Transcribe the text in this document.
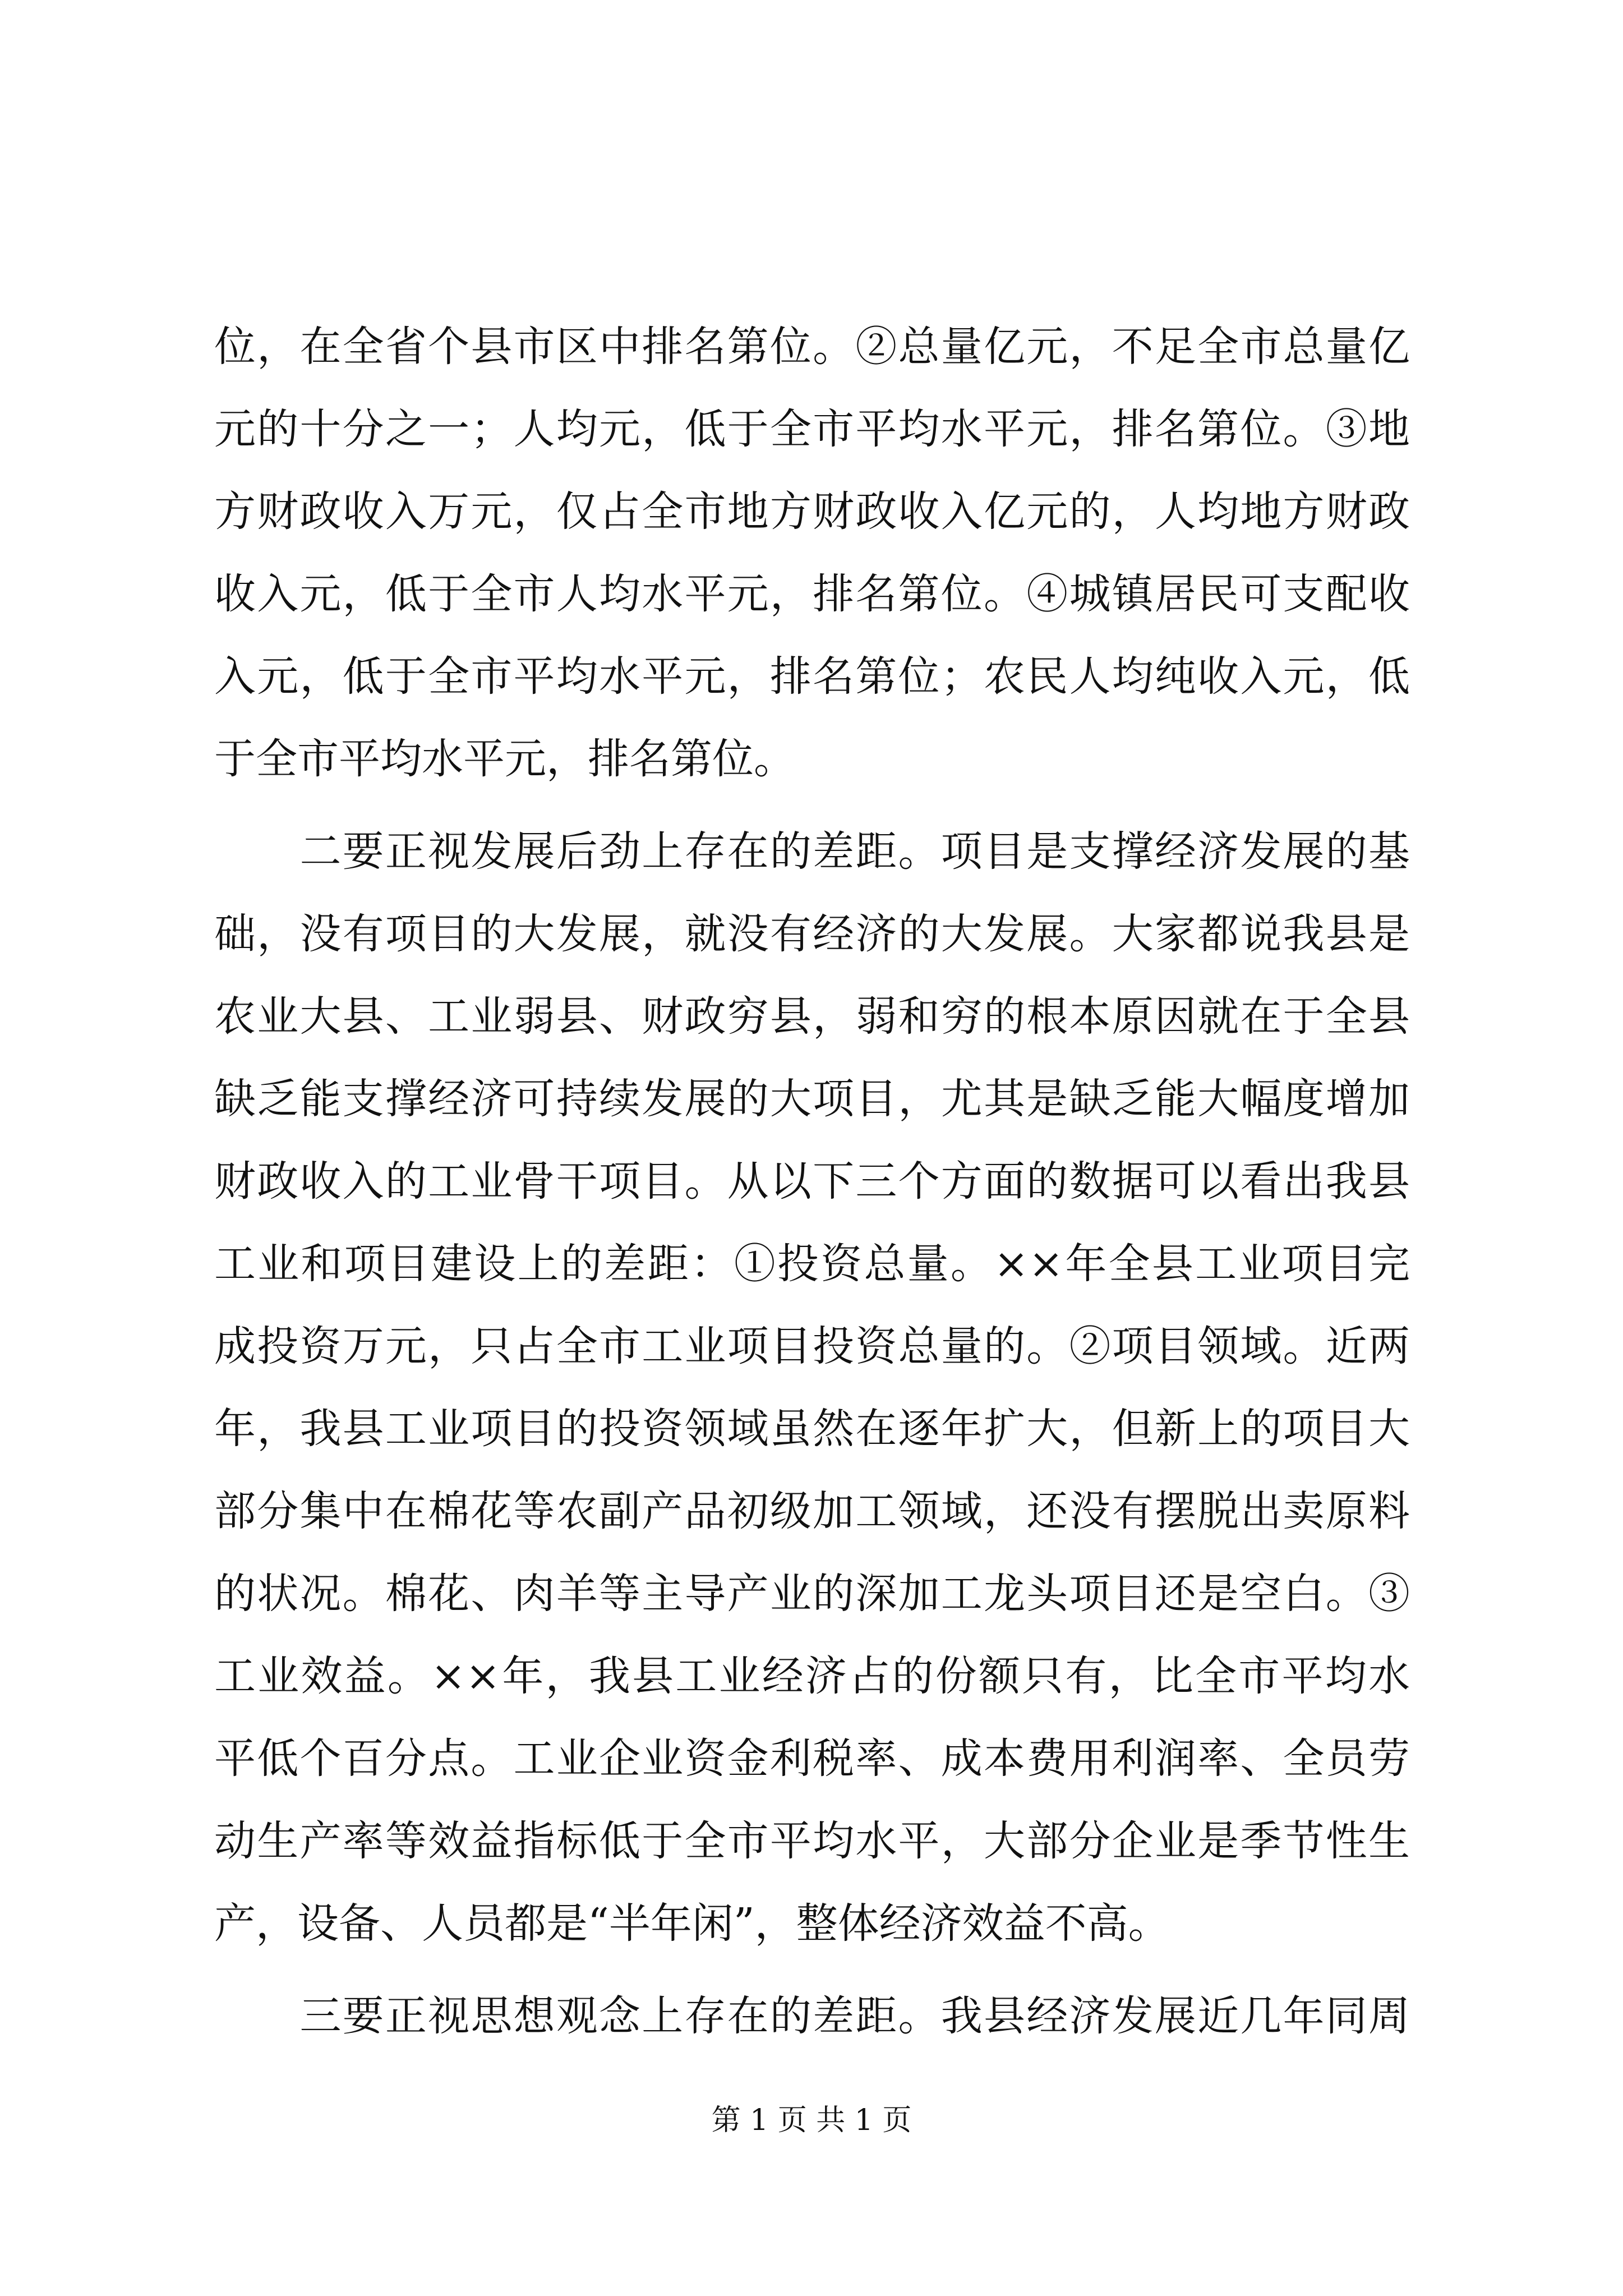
位，在全省个县市区中排名第位。②总量亿元，不足全市总量亿
元的十分之一；人均元，低于全市平均水平元，排名第位。③地
方财政收入万元，仅占全市地方财政收入亿元的，人均地方财政
收入元，低于全市人均水平元，排名第位。④城镇居民可支配收
入元，低于全市平均水平元，排名第位；农民人均纯收入元，低
于全市平均水平元，排名第位。
　　二要正视发展后劲上存在的差距。项目是支撑经济发展的基
础，没有项目的大发展，就没有经济的大发展。大家都说我县是
农业大县、工业弱县、财政穷县，弱和穷的根本原因就在于全县
缺乏能支撑经济可持续发展的大项目，尤其是缺乏能大幅度增加
财政收入的工业骨干项目。从以下三个方面的数据可以看出我县
工业和项目建设上的差距：①投资总量。××年全县工业项目完
成投资万元，只占全市工业项目投资总量的。②项目领域。近两
年，我县工业项目的投资领域虽然在逐年扩大，但新上的项目大
部分集中在棉花等农副产品初级加工领域，还没有摆脱出卖原料
的状况。棉花、肉羊等主导产业的深加工龙头项目还是空白。③
工业效益。××年，我县工业经济占的份额只有，比全市平均水
平低个百分点。工业企业资金利税率、成本费用利润率、全员劳
动生产率等效益指标低于全市平均水平，大部分企业是季节性生
产，设备、人员都是“半年闲”，整体经济效益不高。
　　三要正视思想观念上存在的差距。我县经济发展近几年同周
第 1 页 共 1 页
